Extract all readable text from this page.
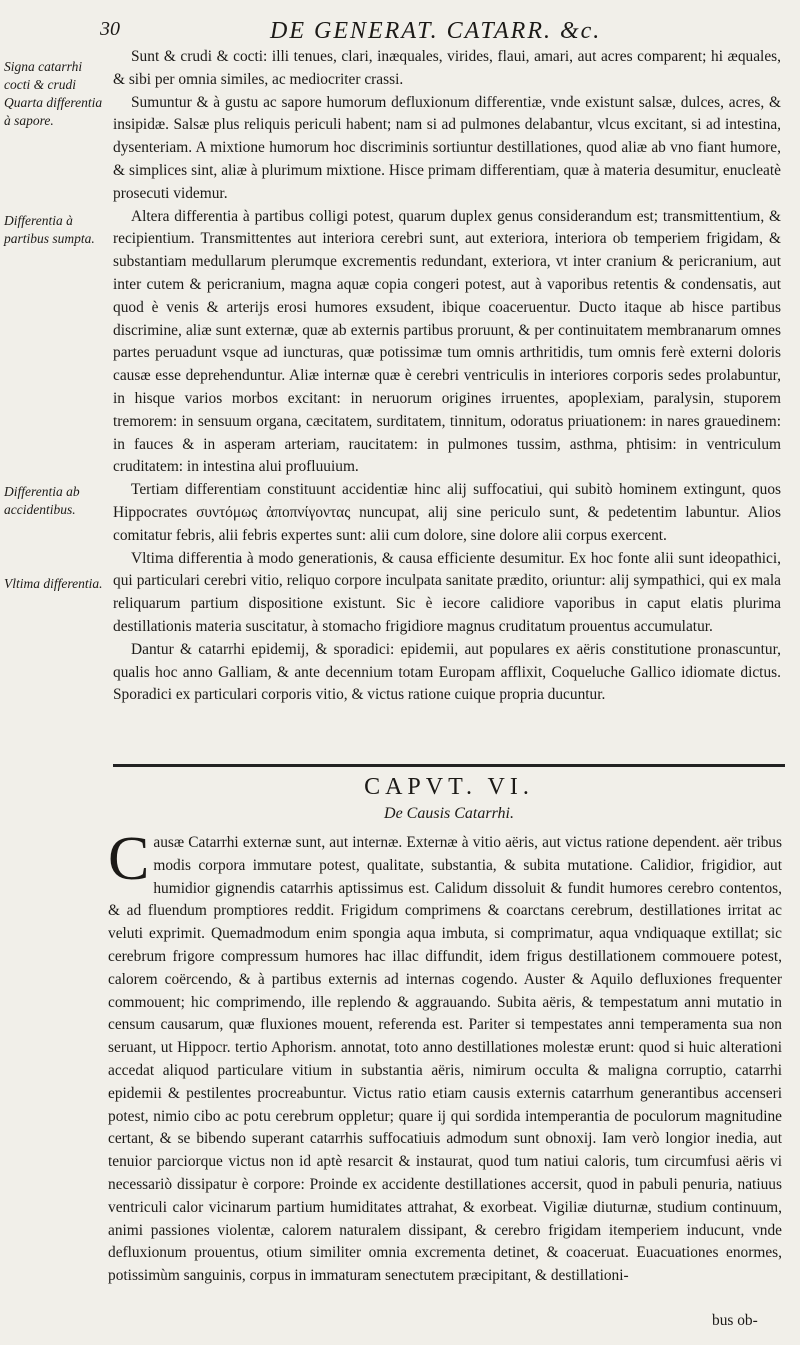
30	DE GENERAT. CATARR. &c.
Signa catarrhi cocti & crudi Quarta differentia à sapore.
Differentia à partibus sumpta.
Differentia ab accidentibus.
Vltima differentia.

Sunt & crudi & cocti: illi tenues, clari, inæquales, virides, flaui, amari, aut acres comparent; hi æquales, & sibi per omnia similes, ac mediocriter crassi.

Sumuntur & à gustu ac sapore humorum defluxionum differentiæ, vnde existunt salsæ, dulces, acres, & insipidæ. Salsæ plus reliquis periculi habent; nam si ad pulmones delabantur, vlcus excitant, si ad intestina, dysenteriam. A mixtione humorum hoc discriminis sortiuntur destillationes, quod aliæ ab vno fiant humore, & simplices sint, aliæ à plurimum mixtione. Hisce primam differentiam, quæ à materia desumitur, enucleatè prosecuti videmur.

Altera differentia à partibus colligi potest, quarum duplex genus considerandum est; transmittentium, & recipientium. Transmittentes aut interiora cerebri sunt, aut exteriora, interiora ob temperiem frigidam, & substantiam medullarum plerumque excrementis redundant, exteriora, vt inter cranium & pericranium, aut inter cutem & pericranium, magna aquæ copia congeri potest, aut à vaporibus retentis & condensatis, aut quod è venis & arterijs erosi humores exsudent, ibique coaceruentur. Ducto itaque ab hisce partibus discrimine, aliæ sunt externæ, quæ ab externis partibus proruunt, & per continuitatem membranarum omnes partes peruadunt vsque ad iuncturas, quæ potissimæ tum omnis arthritidis, tum omnis ferè externi doloris causæ esse deprehenduntur. Aliæ internæ quæ è cerebri ventriculis in interiores corporis sedes prolabuntur, in hisque varios morbos excitant: in neruorum origines irruentes, apoplexiam, paralysin, stuporem tremorem: in sensuum organa, cæcitatem, surditatem, tinnitum, odoratus priuationem: in nares grauedinem: in fauces & in asperam arteriam, raucitatem: in pulmones tussim, asthma, phtisim: in ventriculum cruditatem: in intestina alui profluuium.

Tertiam differentiam constituunt accidentiæ hinc alij suffocatiui, qui subitò hominem extingunt, quos Hippocrates συντόμως ἀποπνίγοντας nuncupat, alij sine periculo sunt, & pedetentim labuntur. Alios comitatur febris, alii febris expertes sunt: alii cum dolore, sine dolore alii corpus exercent.

Vltima differentia à modo generationis, & causa efficiente desumitur. Ex hoc fonte alii sunt ideopathici, qui particulari cerebri vitio, reliquo corpore inculpata sanitate prædito, oriuntur: alij sympathici, qui ex mala reliquarum partium dispositione existunt. Sic è iecore calidiore vaporibus in caput elatis plurima destillationis materia suscitatur, à stomacho frigidiore magnus cruditatum prouentus accumulatur.

Dantur & catarrhi epidemij, & sporadici: epidemii, aut populares ex aëris constitutione pronascuntur, qualis hoc anno Galliam, & ante decennium totam Europam afflixit, Coqueluche Gallico idiomate dictus. Sporadici ex particulari corporis vitio, & victus ratione cuique propria ducuntur.

CAPVT. VI.
De Causis Catarrhi.

Causæ Catarrhi externæ sunt, aut internæ. Externæ à vitio aëris, aut victus ratione dependent. aër tribus modis corpora immutare potest, qualitate, substantia, & subita mutatione. Calidior, frigidior, aut humidior gignendis catarrhis aptissimus est. Calidum dissoluit & fundit humores cerebro contentos, & ad fluendum promptiores reddit. Frigidum comprimens & coarctans cerebrum, destillationes irritat ac veluti exprimit. Quemadmodum enim spongia aqua imbuta, si comprimatur, aqua vndiquaque extillat; sic cerebrum frigore compressum humores hac illac diffundit, idem frigus destillationem commouere potest, calorem coërcendo, & à partibus externis ad internas cogendo. Auster & Aquilo defluxiones frequenter commouent; hic comprimendo, ille replendo & aggrauando. Subita aëris, & tempestatum anni mutatio in censum causarum, quæ fluxiones mouent, referenda est. Pariter si tempestates anni temperamenta sua non seruant, ut Hippocr. tertio Aphorism. annotat, toto anno destillationes molestæ erunt: quod si huic alterationi accedat aliquod particulare vitium in substantia aëris, nimirum occulta & maligna corruptio, catarrhi epidemii & pestilentes procreabuntur. Victus ratio etiam causis externis catarrhum generantibus accenseri potest, nimio cibo ac potu cerebrum oppletur; quare ij qui sordida intemperantia de poculorum magnitudine certant, & se bibendo superant catarrhis suffocatiuis admodum sunt obnoxij. Iam verò longior inedia, aut tenuior parciorque victus non id aptè resarcit & instaurat, quod tum natiui caloris, tum circumfusi aëris vi necessariò dissipatur è corpore: Proinde ex accidente destillationes accersit, quod in pabuli penuria, natiuus ventriculi calor vicinarum partium humiditates attrahat, & exorbeat. Vigiliæ diuturnæ, studium continuum, animi passiones violentæ, calorem naturalem dissipant, & cerebro frigidam itemperiem inducunt, vnde defluxionum prouentus, otium similiter omnia excrementa detinet, & coaceruat. Euacuationes enormes, potissimùm sanguinis, corpus in immaturam senectutem præcipitant, & destillationi-

bus ob-
